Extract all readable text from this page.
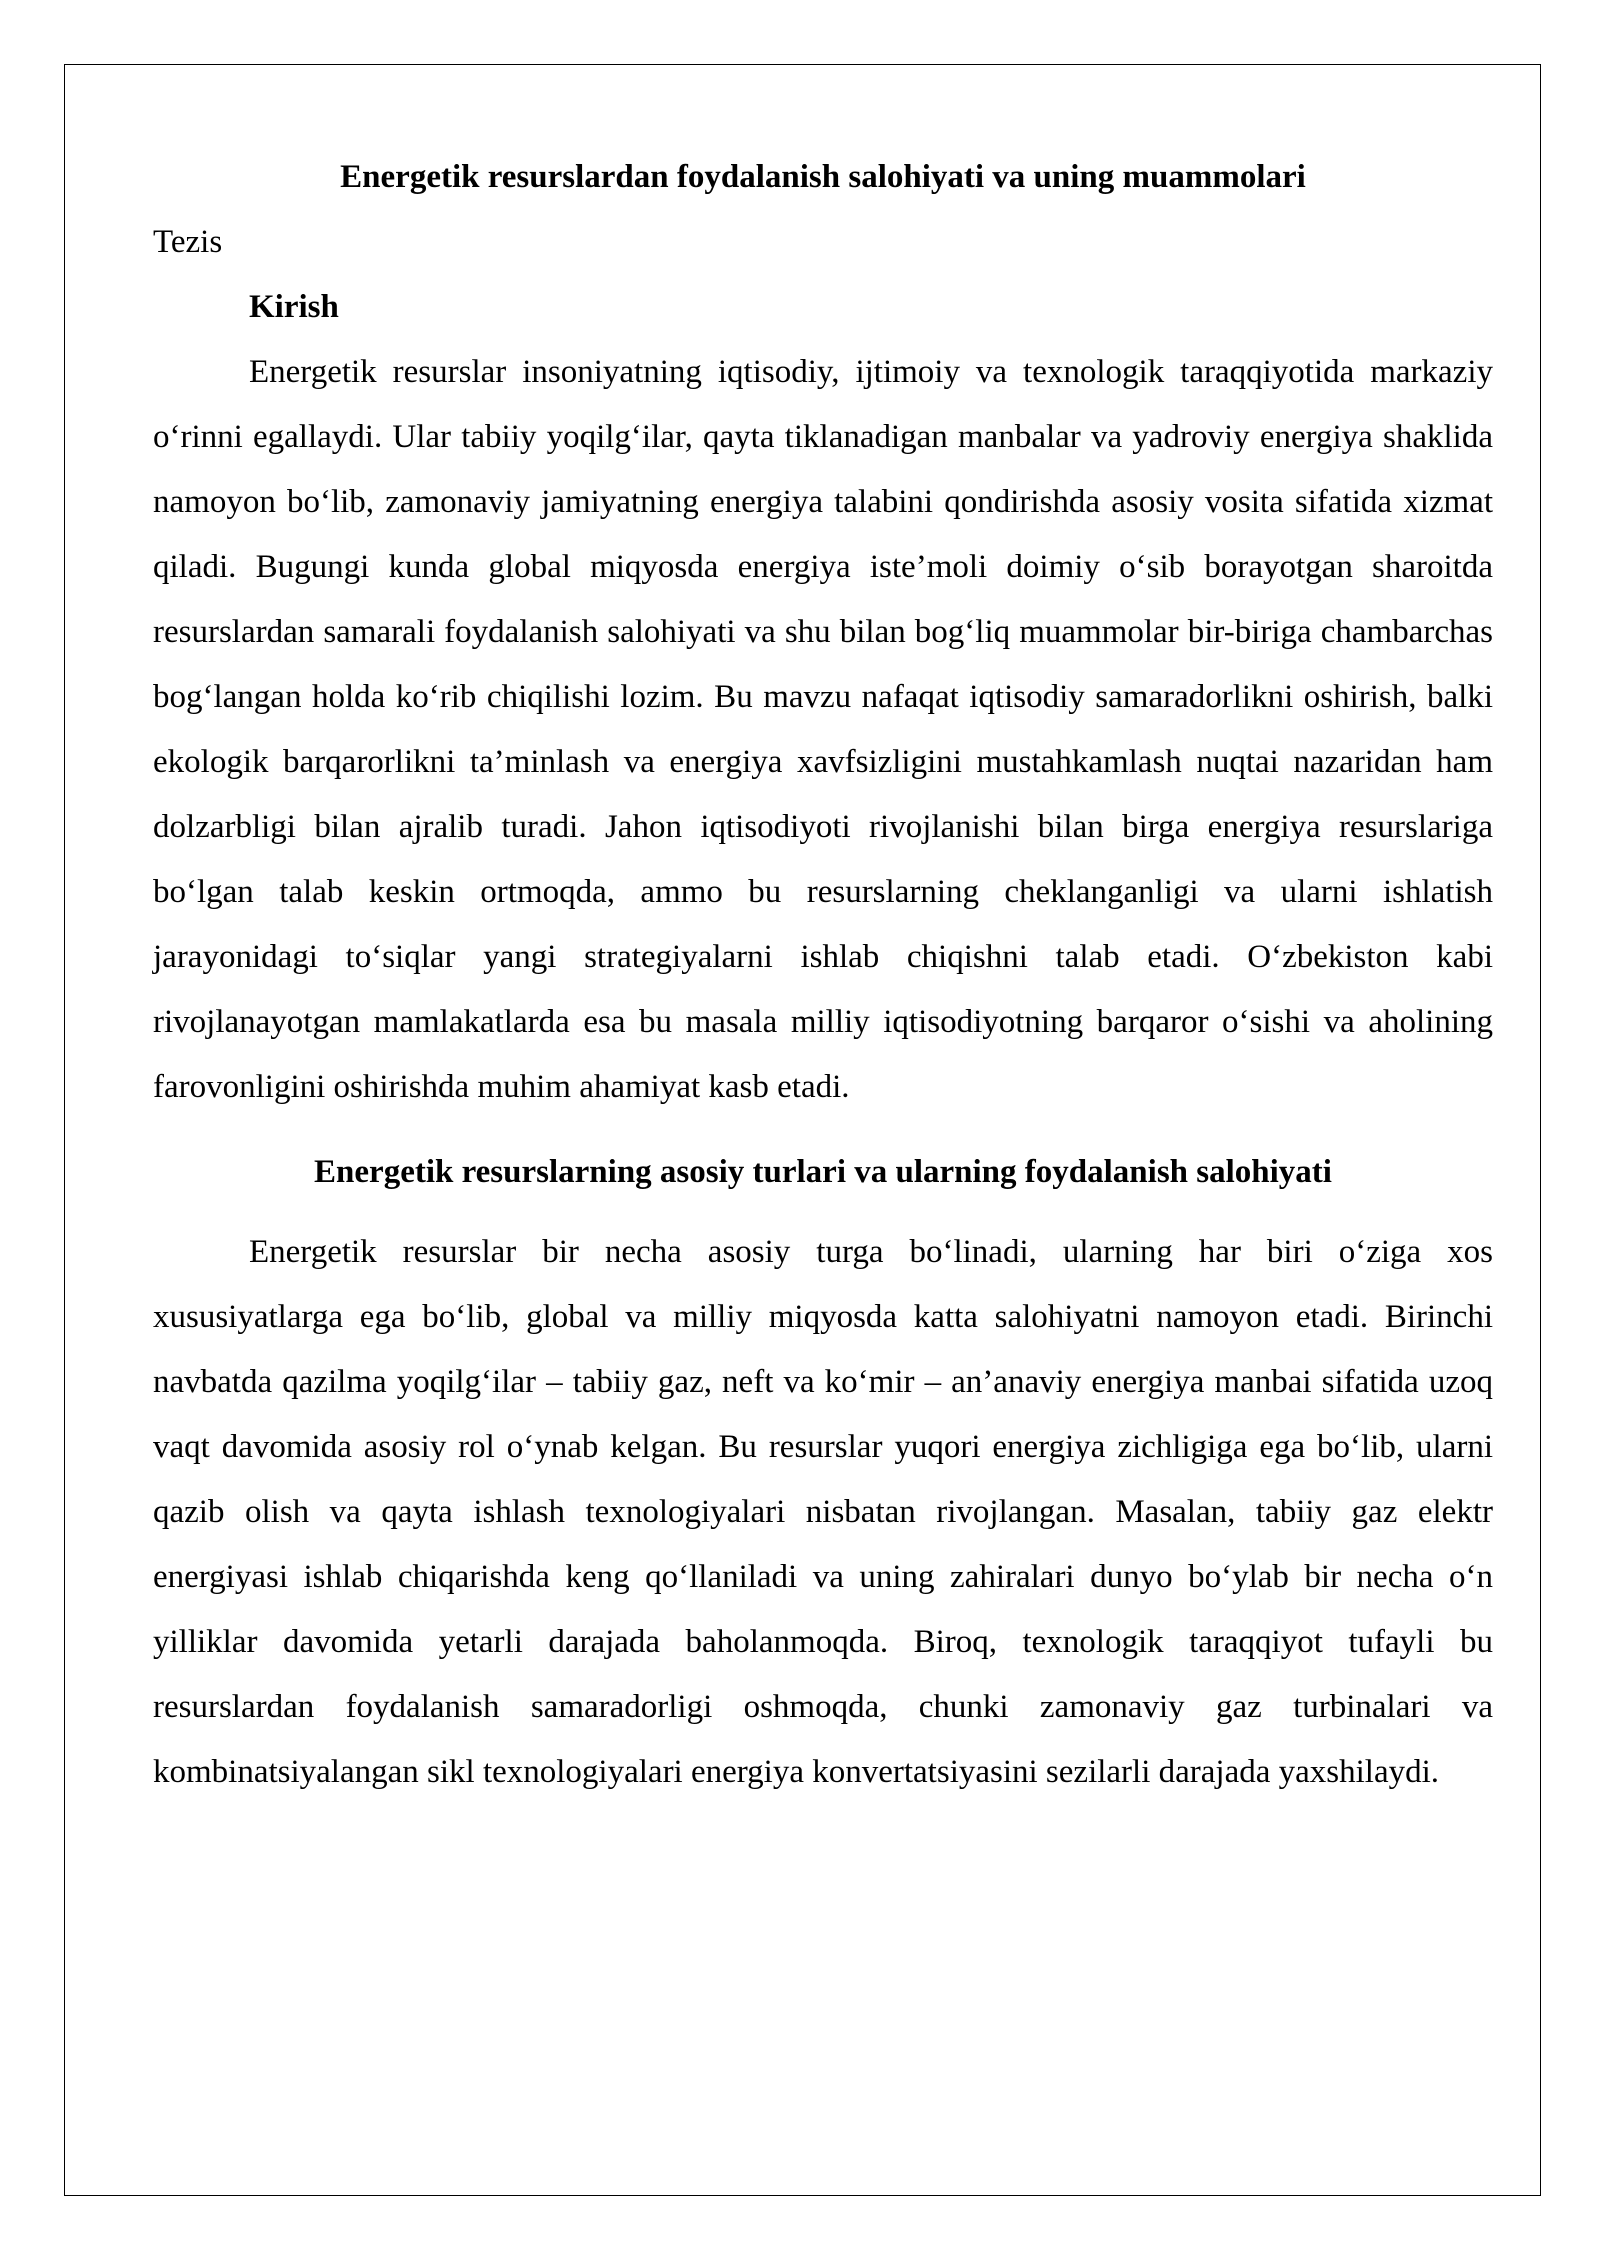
Energetik resurslardan foydalanish salohiyati va uning muammolari

Tezis

Kirish

Energetik resurslar insoniyatning iqtisodiy, ijtimoiy va texnologik taraqqiyotida markaziy o‘rinni egallaydi. Ular tabiiy yoqilg‘ilar, qayta tiklanadigan manbalar va yadroviy energiya shaklida namoyon bo‘lib, zamonaviy jamiyatning energiya talabini qondirishda asosiy vosita sifatida xizmat qiladi. Bugungi kunda global miqyosda energiya iste’moli doimiy o‘sib borayotgan sharoitda resurslardan samarali foydalanish salohiyati va shu bilan bog‘liq muammolar bir-biriga chambarchas bog‘langan holda ko‘rib chiqilishi lozim. Bu mavzu nafaqat iqtisodiy samaradorlikni oshirish, balki ekologik barqarorlikni ta’minlash va energiya xavfsizligini mustahkamlash nuqtai nazaridan ham dolzarbligi bilan ajralib turadi. Jahon iqtisodiyoti rivojlanishi bilan birga energiya resurslariga bo‘lgan talab keskin ortmoqda, ammo bu resurslarning cheklanganligi va ularni ishlatish jarayonidagi to‘siqlar yangi strategiyalarni ishlab chiqishni talab etadi. O‘zbekiston kabi rivojlanayotgan mamlakatlarda esa bu masala milliy iqtisodiyotning barqaror o‘sishi va aholining farovonligini oshirishda muhim ahamiyat kasb etadi.

Energetik resurslarning asosiy turlari va ularning foydalanish salohiyati

Energetik resurslar bir necha asosiy turga bo‘linadi, ularning har biri o‘ziga xos xususiyatlarga ega bo‘lib, global va milliy miqyosda katta salohiyatni namoyon etadi. Birinchi navbatda qazilma yoqilg‘ilar – tabiiy gaz, neft va ko‘mir – an’anaviy energiya manbai sifatida uzoq vaqt davomida asosiy rol o‘ynab kelgan. Bu resurslar yuqori energiya zichligiga ega bo‘lib, ularni qazib olish va qayta ishlash texnologiyalari nisbatan rivojlangan. Masalan, tabiiy gaz elektr energiyasi ishlab chiqarishda keng qo‘llaniladi va uning zahiralari dunyo bo‘ylab bir necha o‘n yilliklar davomida yetarli darajada baholanmoqda. Biroq, texnologik taraqqiyot tufayli bu resurslardan foydalanish samaradorligi oshmoqda, chunki zamonaviy gaz turbinalari va kombinatsiyalangan sikl texnologiyalari energiya konvertatsiyasini sezilarli darajada yaxshilaydi.
